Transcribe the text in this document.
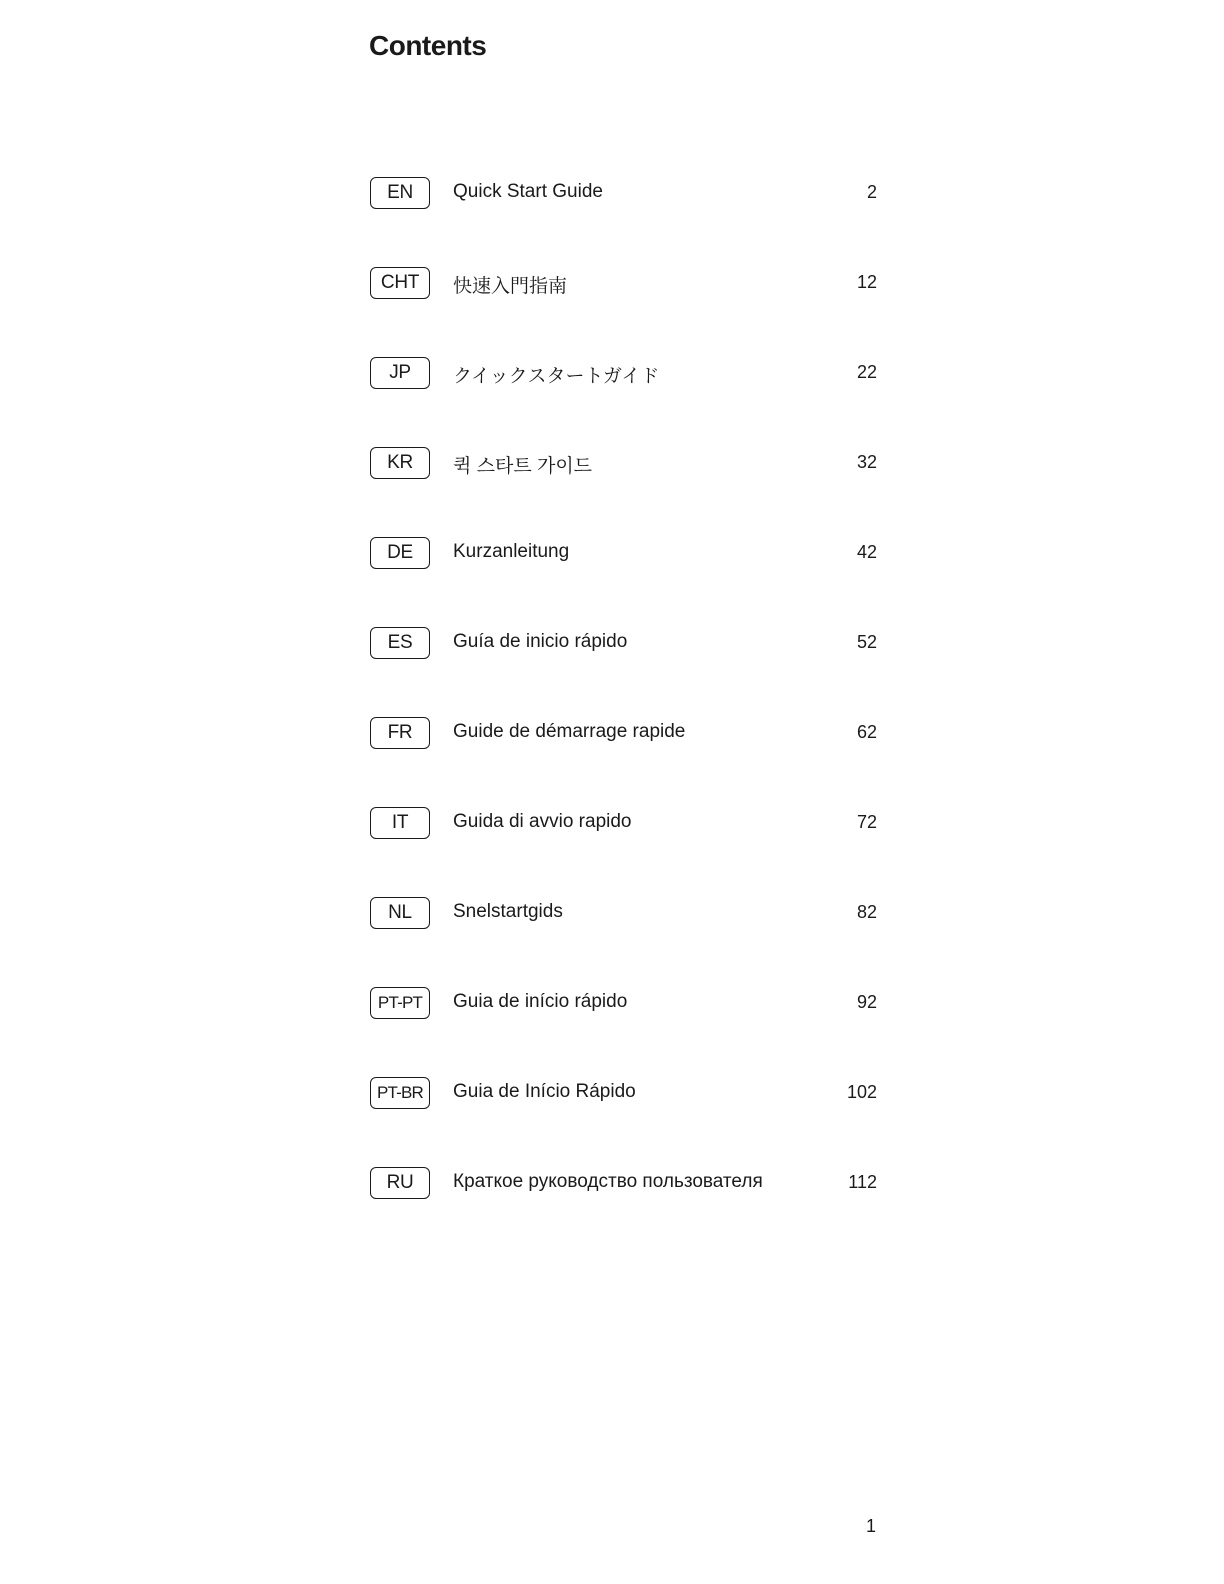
Contents
EN	Quick Start Guide	2
CHT	快速入門指南	12
JP	クイックスタートガイド	22
KR	퀵 스타트 가이드	32
DE	Kurzanleitung	42
ES	Guía de inicio rápido	52
FR	Guide de démarrage rapide	62
IT	Guida di avvio rapido	72
NL	Snelstartgids	82
PT-PT	Guia de início rápido	92
PT-BR	Guia de Início Rápido	102
RU	Краткое руководство пользователя	112
1
